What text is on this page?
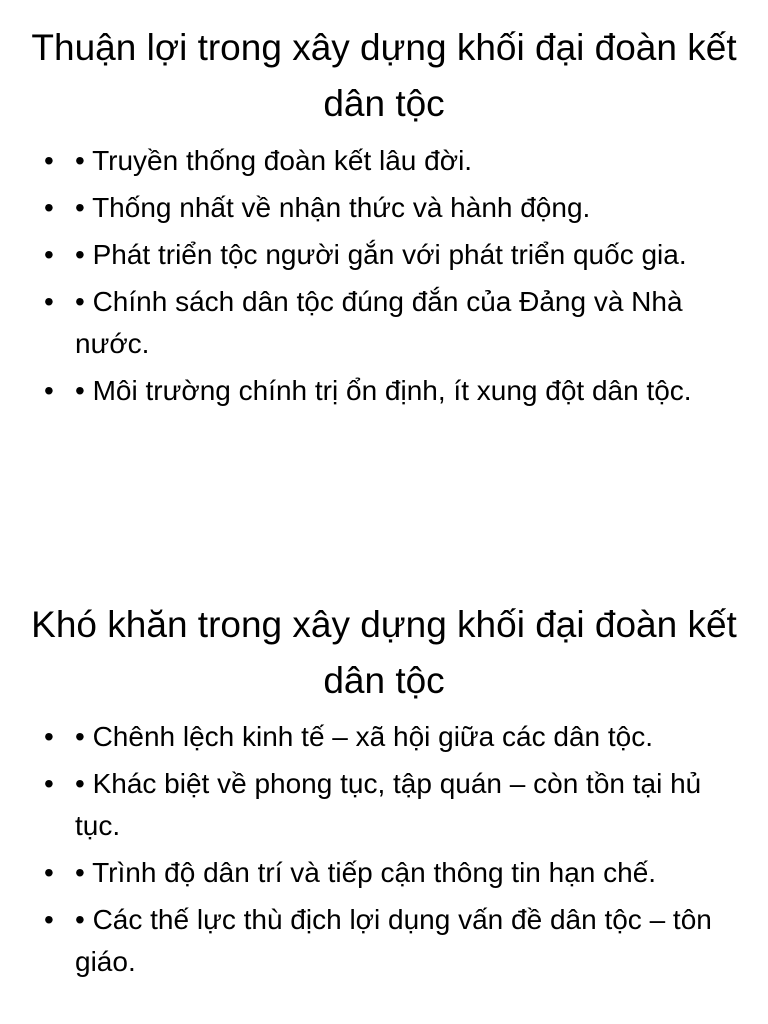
Thuận lợi trong xây dựng khối đại đoàn kết dân tộc
• • Truyền thống đoàn kết lâu đời.
• • Thống nhất về nhận thức và hành động.
• • Phát triển tộc người gắn với phát triển quốc gia.
• • Chính sách dân tộc đúng đắn của Đảng và Nhà nước.
• • Môi trường chính trị ổn định, ít xung đột dân tộc.
Khó khăn trong xây dựng khối đại đoàn kết dân tộc
• • Chênh lệch kinh tế – xã hội giữa các dân tộc.
• • Khác biệt về phong tục, tập quán – còn tồn tại hủ tục.
• • Trình độ dân trí và tiếp cận thông tin hạn chế.
• • Các thế lực thù địch lợi dụng vấn đề dân tộc – tôn giáo.
